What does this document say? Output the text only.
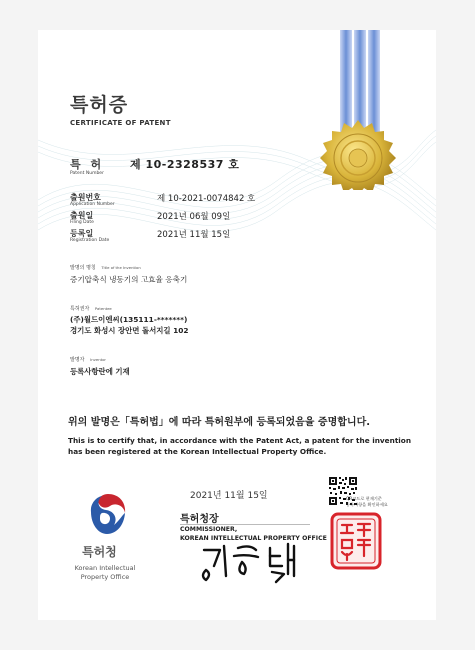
특허증
CERTIFICATE OF PATENT
특 허
Patent Number
제 10-2328537 호
출원번호
Application Number
제 10-2021-0074842 호
출원일
Filing Date
2021년 06월 09일
등록일
Registration Date
2021년 11월 15일
발명의 명칭 Title of the Invention
증기압축식 냉동기의 고효율 응축기
특허권자 Patentee
(주)월드이엔씨(135111-*******)
경기도 화성시 장안면 돌서지길 102
발명자 Inventor
등록사항란에 기재
위의 발명은「특허법」에 따라 특허원부에 등록되었음을 증명합니다.
This is to certify that, in accordance with the Patent Act, a patent for the invention has been registered at the Korean Intellectual Property Office.
2021년 11월 15일	QR코드로 현재기준
등록사항을 확인하세요
특허청장
COMMISSIONER,
KOREAN INTELLECTUAL PROPERTY OFFICE
특허청
Korean Intellectual
Property Office
